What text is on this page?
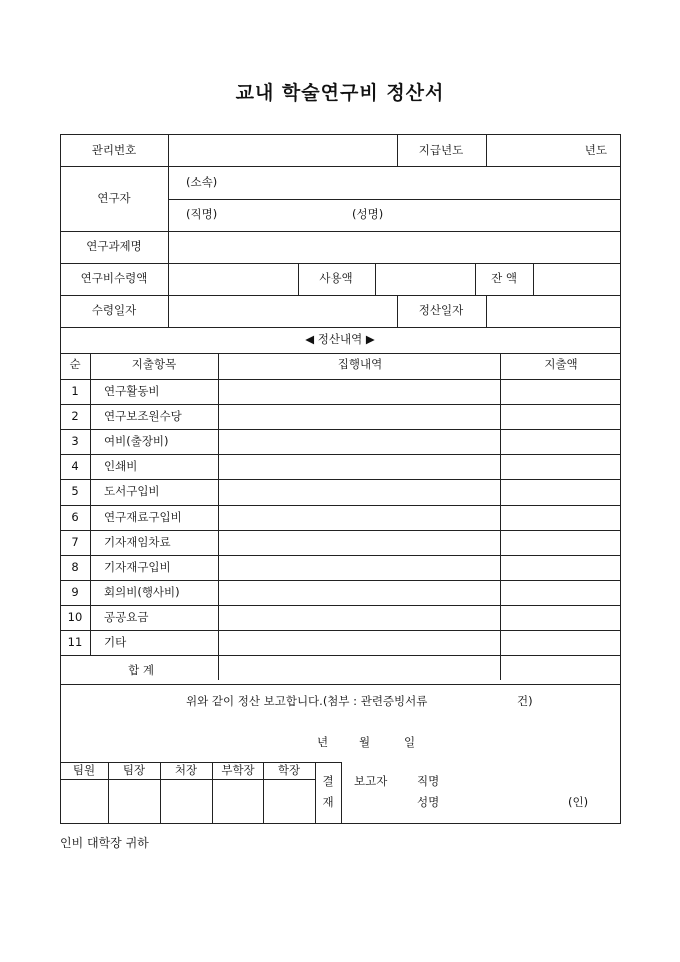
교내 학술연구비 정산서
관리번호	지급년도	년도
연구자
(소속)
(직명)	(성명)
연구과제명
연구비수령액	사용액	잔 액
수령일자	정산일자
◀ 정산내역 ▶
순	지출항목	집행내역	지출액
1 연구활동비
2 연구보조원수당
3 여비(출장비)
4 인쇄비
5 도서구입비
6 연구재료구입비
7 기자재임차료
8 기자재구입비
9 회의비(행사비)
10 공공요금
11 기타
합 계
위와 같이 정산 보고합니다.(첨부 : 관련증빙서류	건)
년	월	일
팀원 팀장	처장 부학장 학장
결
재
보고자	직명
성명	(인)
인비 대학장 귀하
